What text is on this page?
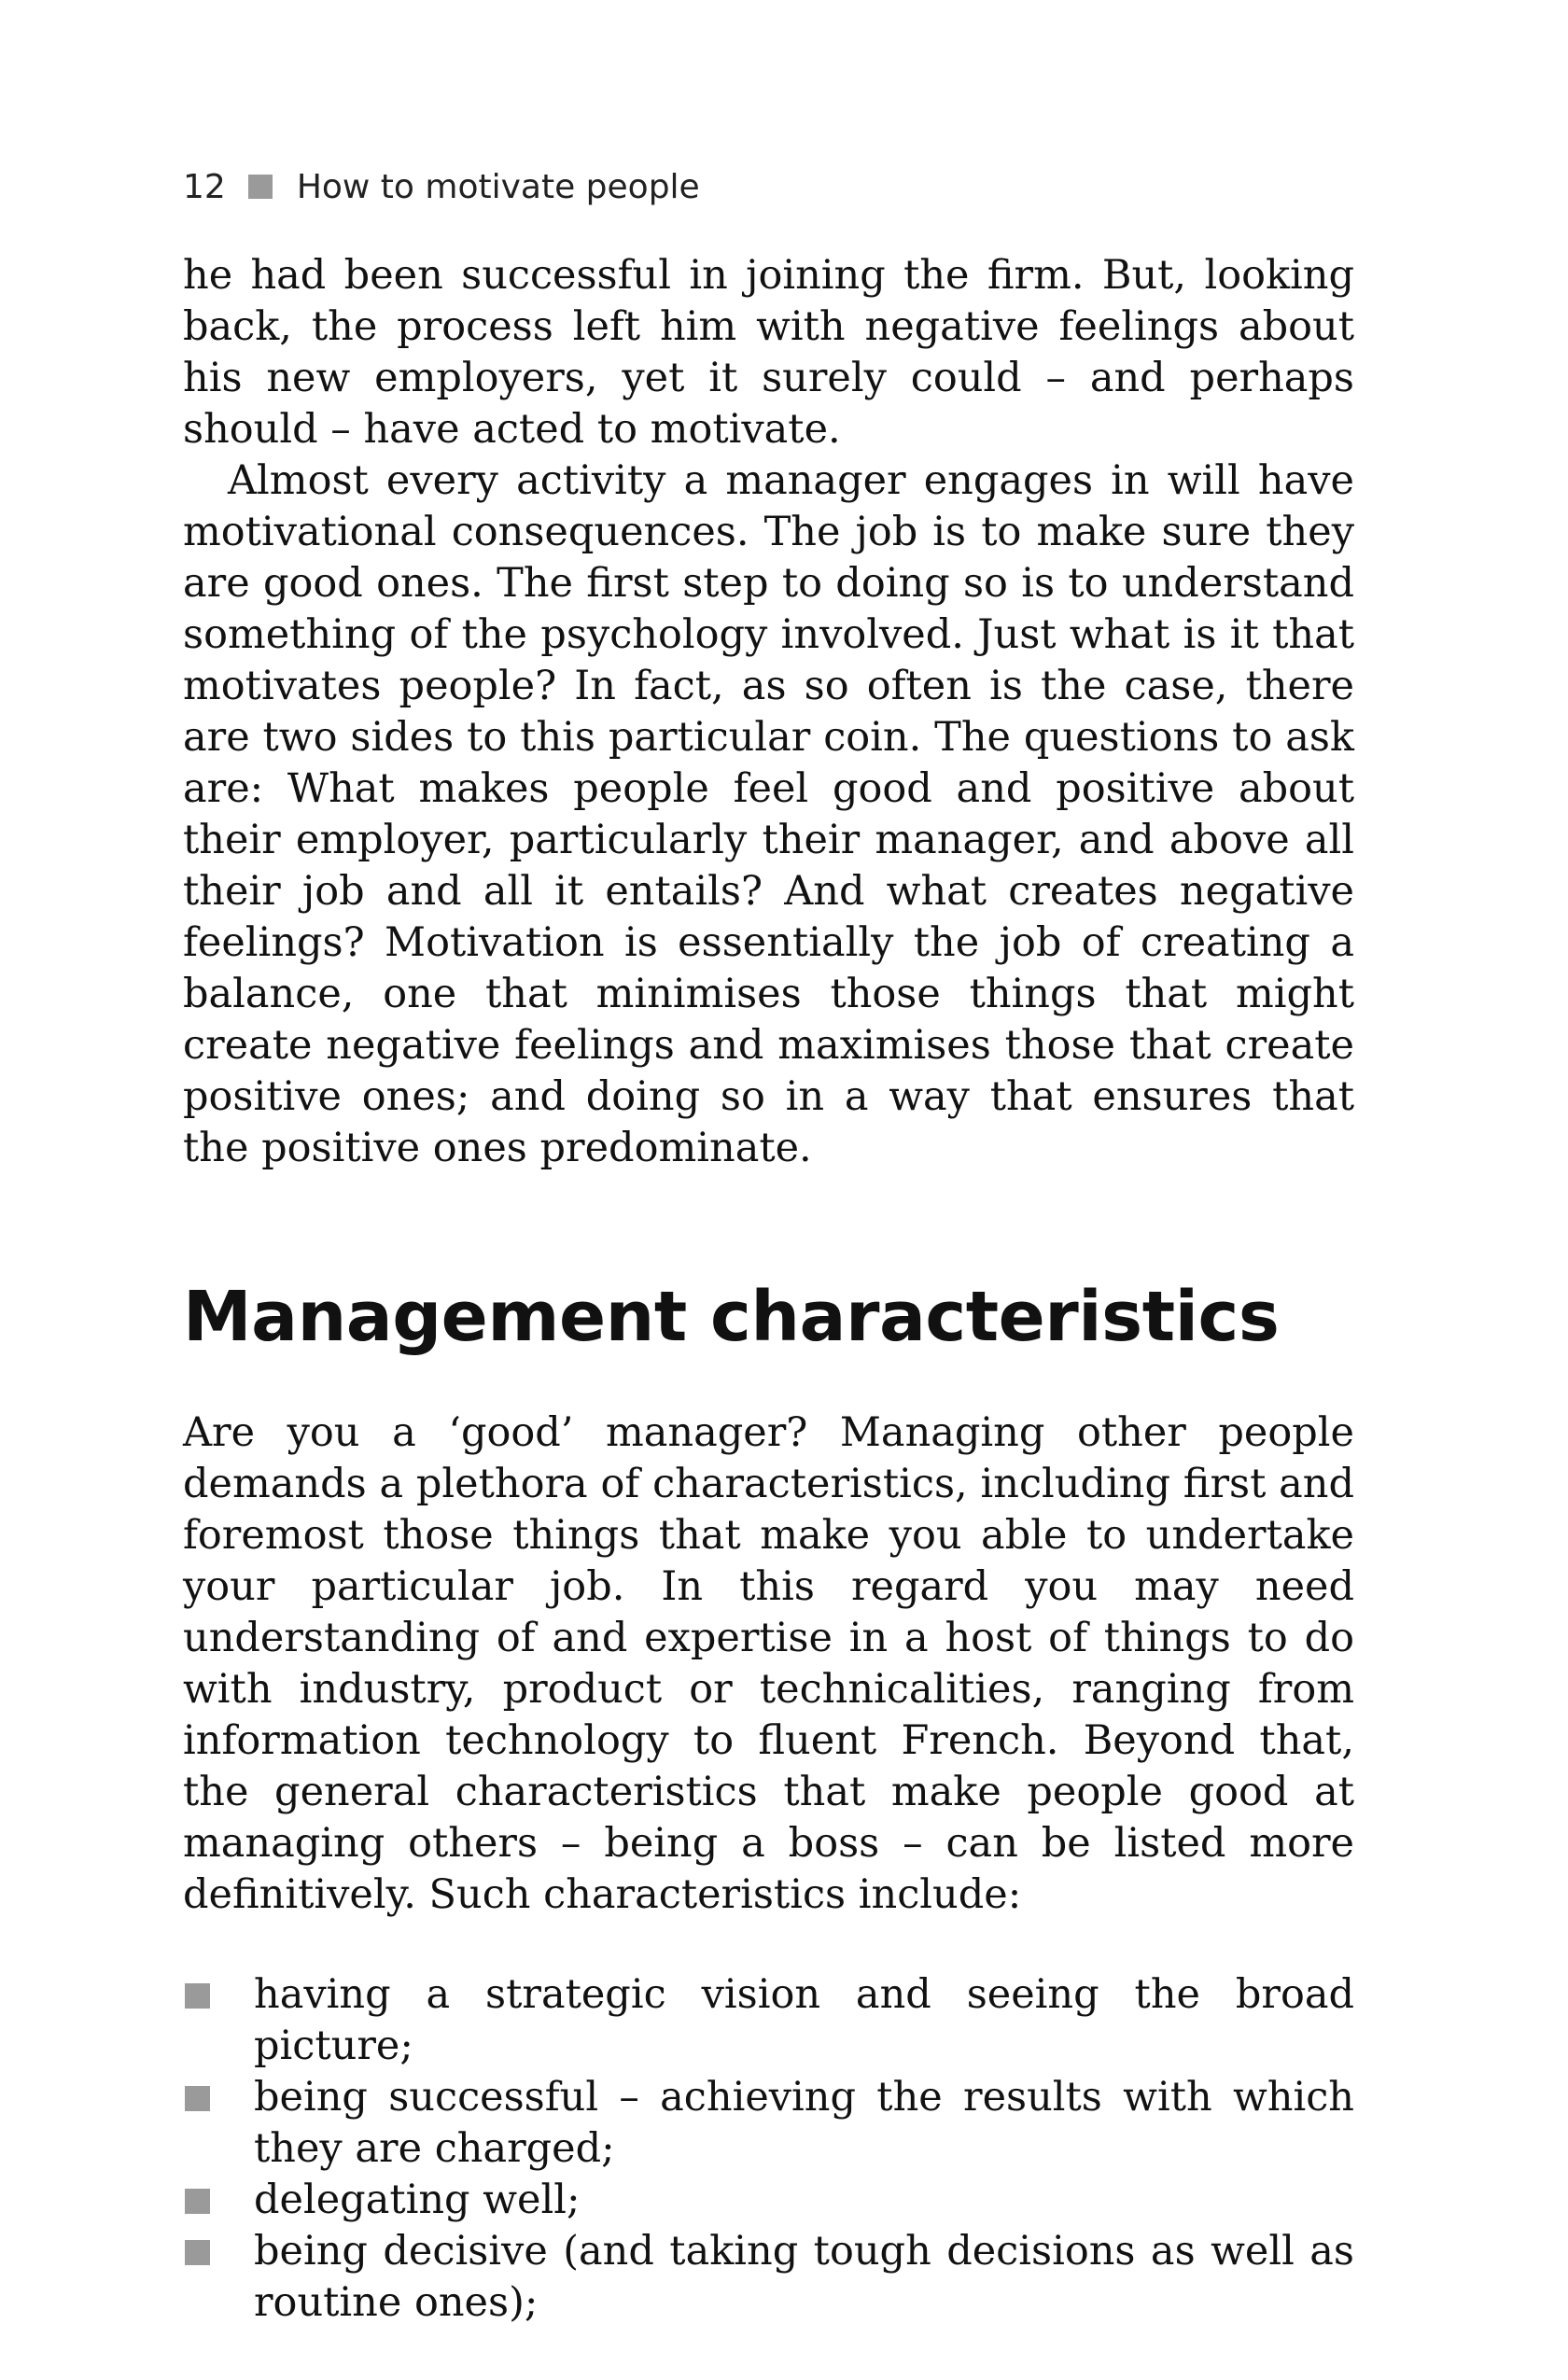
12 How to motivate people

he had been successful in joining the firm. But, looking back, the process left him with negative feelings about his new employers, yet it surely could – and perhaps should – have acted to motivate.

Almost every activity a manager engages in will have motivational consequences. The job is to make sure they are good ones. The first step to doing so is to understand something of the psychology involved. Just what is it that motivates people? In fact, as so often is the case, there are two sides to this particular coin. The questions to ask are: What makes people feel good and positive about their employer, particularly their manager, and above all their job and all it entails? And what creates negative feelings? Motivation is essentially the job of creating a balance, one that minimises those things that might create negative feelings and maximises those that create positive ones; and doing so in a way that ensures that the positive ones predominate.

Management characteristics

Are you a ‘good’ manager? Managing other people demands a plethora of characteristics, including first and foremost those things that make you able to undertake your particular job. In this regard you may need understanding of and expertise in a host of things to do with industry, product or technicalities, ranging from information technology to fluent French. Beyond that, the general characteristics that make people good at managing others – being a boss – can be listed more definitively. Such characteristics include:

having a strategic vision and seeing the broad picture;
being successful – achieving the results with which they are charged;
delegating well;
being decisive (and taking tough decisions as well as routine ones);
